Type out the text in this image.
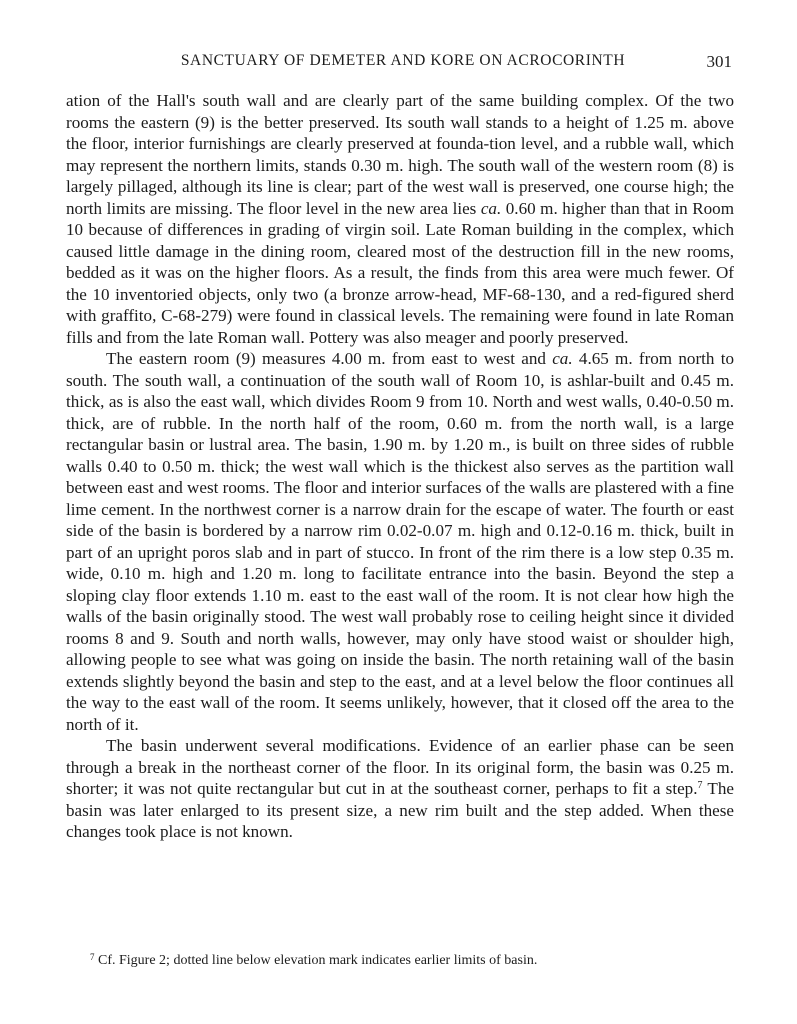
SANCTUARY OF DEMETER AND KORE ON ACROCORINTH	301

ation of the Hall's south wall and are clearly part of the same building complex. Of the two rooms the eastern (9) is the better preserved. Its south wall stands to a height of 1.25 m. above the floor, interior furnishings are clearly preserved at founda-tion level, and a rubble wall, which may represent the northern limits, stands 0.30 m. high. The south wall of the western room (8) is largely pillaged, although its line is clear; part of the west wall is preserved, one course high; the north limits are missing. The floor level in the new area lies ca. 0.60 m. higher than that in Room 10 because of differences in grading of virgin soil. Late Roman building in the complex, which caused little damage in the dining room, cleared most of the destruction fill in the new rooms, bedded as it was on the higher floors. As a result, the finds from this area were much fewer. Of the 10 inventoried objects, only two (a bronze arrow-head, MF-68-130, and a red-figured sherd with graffito, C-68-279) were found in classical levels. The remaining were found in late Roman fills and from the late Roman wall. Pottery was also meager and poorly preserved.

The eastern room (9) measures 4.00 m. from east to west and ca. 4.65 m. from north to south. The south wall, a continuation of the south wall of Room 10, is ashlar-built and 0.45 m. thick, as is also the east wall, which divides Room 9 from 10. North and west walls, 0.40-0.50 m. thick, are of rubble. In the north half of the room, 0.60 m. from the north wall, is a large rectangular basin or lustral area. The basin, 1.90 m. by 1.20 m., is built on three sides of rubble walls 0.40 to 0.50 m. thick; the west wall which is the thickest also serves as the partition wall between east and west rooms. The floor and interior surfaces of the walls are plastered with a fine lime cement. In the northwest corner is a narrow drain for the escape of water. The fourth or east side of the basin is bordered by a narrow rim 0.02-0.07 m. high and 0.12-0.16 m. thick, built in part of an upright poros slab and in part of stucco. In front of the rim there is a low step 0.35 m. wide, 0.10 m. high and 1.20 m. long to facilitate entrance into the basin. Beyond the step a sloping clay floor extends 1.10 m. east to the east wall of the room. It is not clear how high the walls of the basin originally stood. The west wall probably rose to ceiling height since it divided rooms 8 and 9. South and north walls, however, may only have stood waist or shoulder high, allowing people to see what was going on inside the basin. The north retaining wall of the basin extends slightly beyond the basin and step to the east, and at a level below the floor continues all the way to the east wall of the room. It seems unlikely, however, that it closed off the area to the north of it.

The basin underwent several modifications. Evidence of an earlier phase can be seen through a break in the northeast corner of the floor. In its original form, the basin was 0.25 m. shorter; it was not quite rectangular but cut in at the southeast corner, perhaps to fit a step.$^7$ The basin was later enlarged to its present size, a new rim built and the step added. When these changes took place is not known.

$^7$ Cf. Figure 2; dotted line below elevation mark indicates earlier limits of basin.
